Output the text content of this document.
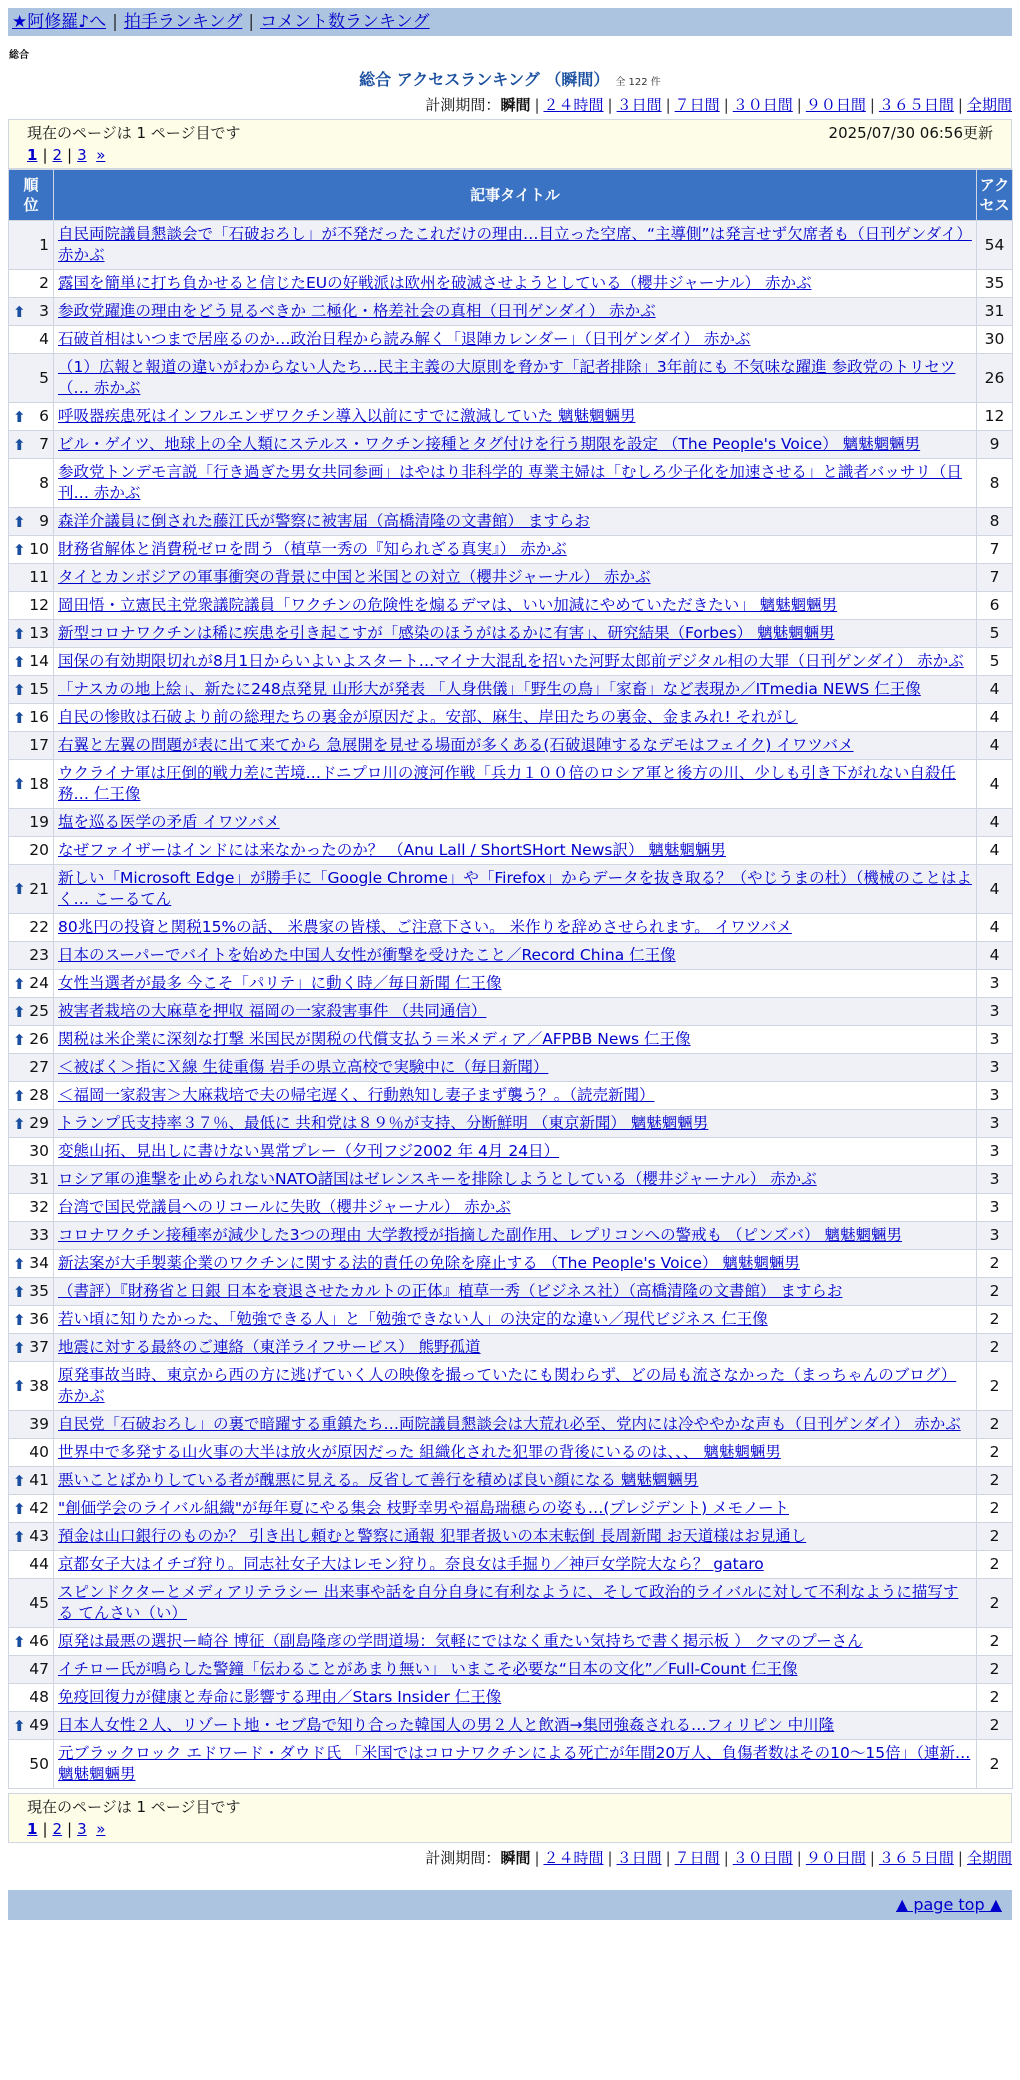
★阿修羅♪へ | 拍手ランキング | コメント数ランキング
総合
総合 アクセスランキング （瞬間） 全 122 件
計測期間：瞬間 | ２４時間 | ３日間 | ７日間 | ３０日間 | ９０日間 | ３６５日間 | 全期間
現在のページは 1 ページ目です	2025/07/30 06:56更新
1 | 2 | 3 »
順位	記事タイトル	アクセス
1	自民両院議員懇談会で「石破おろし」が不発だったこれだけの理由…目立った空席、“主導側”は発言せず欠席者も（日刊ゲンダイ） 赤かぶ	54
2	露国を簡単に打ち負かせると信じたEUの好戦派は欧州を破滅させようとしている（櫻井ジャーナル） 赤かぶ	35

⬆ 3	参政党躍進の理由をどう見るべきか 二極化・格差社会の真相（日刊ゲンダイ） 赤かぶ	31
4	石破首相はいつまで居座るのか…政治日程から読み解く「退陣カレンダー」（日刊ゲンダイ） 赤かぶ	30
5	（1）広報と報道の違いがわからない人たち…民主主義の大原則を脅かす「記者排除」3年前にも 不気味な躍進 参政党のトリセツ（… 赤かぶ	26

⬆ 6	呼吸器疾患死はインフルエンザワクチン導入以前にすでに激減していた 魑魅魍魎男	12

⬆ 7	ビル・ゲイツ、地球上の全人類にステルス・ワクチン接種とタグ付けを行う期限を設定 （The People's Voice） 魑魅魍魎男	9
8	参政党トンデモ言説「行き過ぎた男女共同参画」はやはり非科学的 専業主婦は「むしろ少子化を加速させる」と識者バッサリ（日刊… 赤かぶ	8

⬆ 9	森洋介議員に倒された藤江氏が警察に被害届（高橋清隆の文書館） ますらお	8

⬆ 10	財務省解体と消費税ゼロを問う（植草一秀の『知られざる真実』） 赤かぶ	7
11	タイとカンボジアの軍事衝突の背景に中国と米国との対立（櫻井ジャーナル） 赤かぶ	7
12	岡田悟・立憲民主党衆議院議員「ワクチンの危険性を煽るデマは、いい加減にやめていただきたい」 魑魅魍魎男	6

⬆ 13	新型コロナワクチンは稀に疾患を引き起こすが「感染のほうがはるかに有害」、研究結果（Forbes） 魑魅魍魎男	5

⬆ 14	国保の有効期限切れが8月1日からいよいよスタート…マイナ大混乱を招いた河野太郎前デジタル相の大罪（日刊ゲンダイ） 赤かぶ	5

⬆ 15	「ナスカの地上絵」、新たに248点発見 山形大が発表 「人身供儀」「野生の鳥」「家畜」など表現か／ITmedia NEWS 仁王像	4

⬆ 16	自民の惨敗は石破より前の総理たちの裏金が原因だよ。安部、麻生、岸田たちの裏金、金まみれ! それがし	4
17	右翼と左翼の問題が表に出て来てから 急展開を見せる場面が多くある(石破退陣するなデモはフェイク) イワツバメ	4

⬆ 18	ウクライナ軍は圧倒的戦力差に苦境…ドニプロ川の渡河作戦「兵力１００倍のロシア軍と後方の川、少しも引き下がれない自殺任務… 仁王像	4
19	塩を巡る医学の矛盾 イワツバメ	4
20	なぜファイザーはインドには来なかったのか？ （Anu Lall / ShortSHort News訳） 魑魅魍魎男	4

⬆ 21	新しい「Microsoft Edge」が勝手に「Google Chrome」や「Firefox」からデータを抜き取る？（やじうまの杜）（機械のことはよく… こーるてん	4
22	80兆円の投資と関税15%の話、 米農家の皆様、ご注意下さい。 米作りを辞めさせられます。 イワツバメ	4
23	日本のスーパーでバイトを始めた中国人女性が衝撃を受けたこと／Record China 仁王像	4

⬆ 24	女性当選者が最多 今こそ「パリテ」に動く時／毎日新聞 仁王像	3

⬆ 25	被害者栽培の大麻草を押収 福岡の一家殺害事件 （共同通信）	3

⬆ 26	関税は米企業に深刻な打撃 米国民が関税の代償支払う＝米メディア／AFPBB News 仁王像	3
27	＜被ばく＞指にＸ線 生徒重傷 岩手の県立高校で実験中に（毎日新聞）	3

⬆ 28	＜福岡一家殺害＞大麻栽培で夫の帰宅遅く、行動熟知し妻子まず襲う？。（読売新聞）	3

⬆ 29	トランプ氏支持率３７％、最低に 共和党は８９％が支持、分断鮮明 （東京新聞） 魑魅魍魎男	3
30	変態山拓、見出しに書けない異常プレー（夕刊フジ2002 年 4月 24日）	3
31	ロシア軍の進撃を止められないNATO諸国はゼレンスキーを排除しようとしている（櫻井ジャーナル） 赤かぶ	3
32	台湾で国民党議員へのリコールに失敗（櫻井ジャーナル） 赤かぶ	3
33	コロナワクチン接種率が減少した3つの理由 大学教授が指摘した副作用、レプリコンへの警戒も （ピンズバ） 魑魅魍魎男	3

⬆ 34	新法案が大手製薬企業のワクチンに関する法的責任の免除を廃止する （The People's Voice） 魑魅魍魎男	2

⬆ 35	（書評）『財務省と日銀 日本を衰退させたカルトの正体』植草一秀（ビジネス社）（高橋清隆の文書館） ますらお	2

⬆ 36	若い頃に知りたかった、「勉強できる人」と「勉強できない人」の決定的な違い／現代ビジネス 仁王像	2

⬆ 37	地震に対する最終のご連絡（東洋ライフサービス） 熊野孤道	2

⬆ 38	原発事故当時、東京から西の方に逃げていく人の映像を撮っていたにも関わらず、どの局も流さなかった（まっちゃんのブログ） 赤かぶ	2
39	自民党「石破おろし」の裏で暗躍する重鎮たち…両院議員懇談会は大荒れ必至、党内には冷ややかな声も（日刊ゲンダイ） 赤かぶ	2
40	世界中で多発する山火事の大半は放火が原因だった 組織化された犯罪の背後にいるのは、、、 魑魅魍魎男	2

⬆ 41	悪いことばかりしている者が醜悪に見える。反省して善行を積めば良い顔になる 魑魅魍魎男	2

⬆ 42	"創価学会のライバル組織"が毎年夏にやる集会 枝野幸男や福島瑞穂らの姿も…(プレジデント) メモノート	2

⬆ 43	預金は山口銀行のものか？ 引き出し頼むと警察に通報 犯罪者扱いの本末転倒 長周新聞 お天道様はお見通し	2
44	京都女子大はイチゴ狩り。同志社女子大はレモン狩り。奈良女は手掘り／神戸女学院大なら？ gataro	2
45	スピンドクターとメディアリテラシー 出来事や話を自分自身に有利なように、そして政治的ライバルに対して不利なように描写する てんさい（い）	2

⬆ 46	原発は最悪の選択ー崎谷 博征（副島隆彦の学問道場：気軽にではなく重たい気持ちで書く掲示板 ） クマのプーさん	2
47	イチロー氏が鳴らした警鐘「伝わることがあまり無い」 いまこそ必要な“日本の文化”／Full-Count 仁王像	2
48	免疫回復力が健康と寿命に影響する理由／Stars Insider 仁王像	2

⬆ 49	日本人女性２人、リゾート地・セブ島で知り合った韓国人の男２人と飲酒→集団強姦される…フィリピン 中川隆	2
50	元ブラックロック エドワード・ダウド氏 「米国ではコロナワクチンによる死亡が年間20万人、負傷者数はその10〜15倍」（連新… 魑魅魍魎男	2
現在のページは 1 ページ目です
1 | 2 | 3 »
計測期間：瞬間 | ２４時間 | ３日間 | ７日間 | ３０日間 | ９０日間 | ３６５日間 | 全期間
▲ page top ▲
